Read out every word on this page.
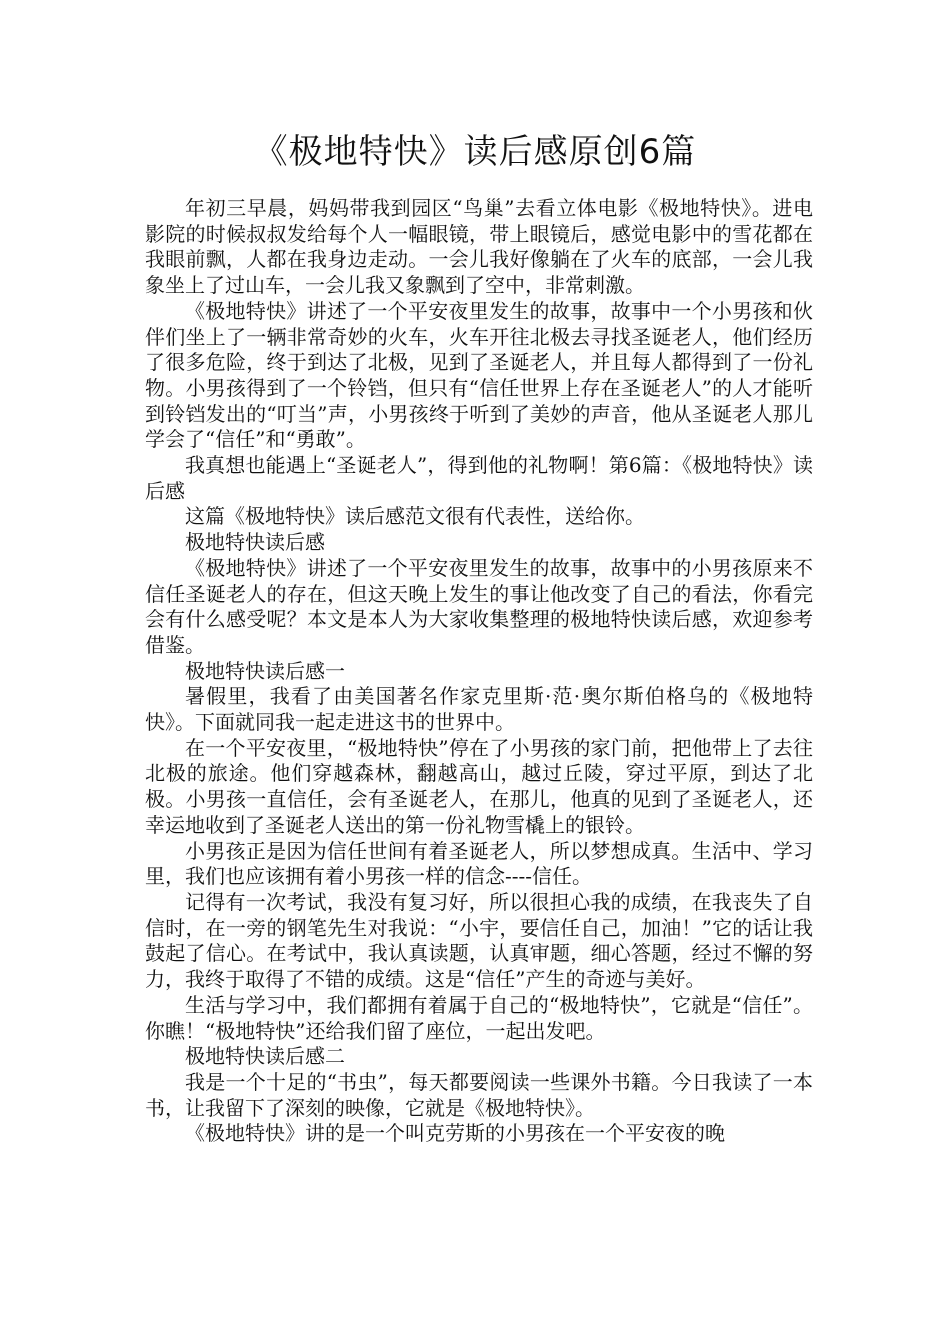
《极地特快》读后感原创6篇

年初三早晨，妈妈带我到园区“鸟巢”去看立体电影《极地特快》。进电影院的时候叔叔发给每个人一幅眼镜，带上眼镜后，感觉电影中的雪花都在我眼前飘，人都在我身边走动。一会儿我好像躺在了火车的底部，一会儿我象坐上了过山车，一会儿我又象飘到了空中，非常刺激。

《极地特快》讲述了一个平安夜里发生的故事，故事中一个小男孩和伙伴们坐上了一辆非常奇妙的火车，火车开往北极去寻找圣诞老人，他们经历了很多危险，终于到达了北极，见到了圣诞老人，并且每人都得到了一份礼物。小男孩得到了一个铃铛，但只有“信任世界上存在圣诞老人”的人才能听到铃铛发出的“叮当”声，小男孩终于听到了美妙的声音，他从圣诞老人那儿学会了“信任”和“勇敢”。

我真想也能遇上“圣诞老人”，得到他的礼物啊！第6篇：《极地特快》读后感

这篇《极地特快》读后感范文很有代表性，送给你。

极地特快读后感

《极地特快》讲述了一个平安夜里发生的故事，故事中的小男孩原来不信任圣诞老人的存在，但这天晚上发生的事让他改变了自己的看法，你看完会有什么感受呢？本文是本人为大家收集整理的极地特快读后感，欢迎参考借鉴。

极地特快读后感一

暑假里，我看了由美国著名作家克里斯·范·奥尔斯伯格乌的《极地特快》。下面就同我一起走进这书的世界中。

在一个平安夜里，“极地特快”停在了小男孩的家门前，把他带上了去往北极的旅途。他们穿越森林，翻越高山，越过丘陵，穿过平原，到达了北极。小男孩一直信任，会有圣诞老人，在那儿，他真的见到了圣诞老人，还幸运地收到了圣诞老人送出的第一份礼物雪橇上的银铃。

小男孩正是因为信任世间有着圣诞老人，所以梦想成真。生活中、学习里，我们也应该拥有着小男孩一样的信念----信任。

记得有一次考试，我没有复习好，所以很担心我的成绩，在我丧失了自信时，在一旁的钢笔先生对我说：“小宇，要信任自己，加油！”它的话让我鼓起了信心。在考试中，我认真读题，认真审题，细心答题，经过不懈的努力，我终于取得了不错的成绩。这是“信任”产生的奇迹与美好。

生活与学习中，我们都拥有着属于自己的“极地特快”，它就是“信任”。你瞧！“极地特快”还给我们留了座位，一起出发吧。

极地特快读后感二

我是一个十足的“书虫”，每天都要阅读一些课外书籍。今日我读了一本书，让我留下了深刻的映像，它就是《极地特快》。

《极地特快》讲的是一个叫克劳斯的小男孩在一个平安夜的晚
